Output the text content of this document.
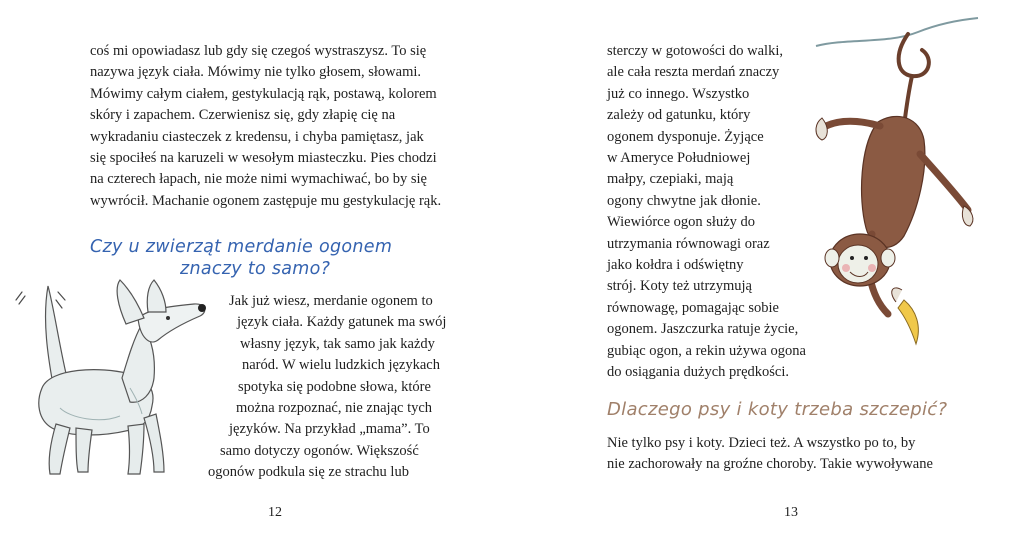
coś mi opowiadasz lub gdy się czegoś wystraszysz. To się
nazywa język ciała. Mówimy nie tylko głosem, słowami.
Mówimy całym ciałem, gestykulacją rąk, postawą, kolorem
skóry i zapachem. Czerwienisz się, gdy złapię cię na
wykradaniu ciasteczek z kredensu, i chyba pamiętasz, jak
się spociłeś na karuzeli w wesołym miasteczku. Pies chodzi
na czterech łapach, nie może nimi wymachiwać, bo by się
wywrócił. Machanie ogonem zastępuje mu gestykulację rąk.

Czy u zwierząt merdanie ogonem
znaczy to samo?

Jak już wiesz, merdanie ogonem to
język ciała. Każdy gatunek ma swój
własny język, tak samo jak każdy
naród. W wielu ludzkich językach
spotyka się podobne słowa, które
można rozpoznać, nie znając tych
języków. Na przykład „mama”. To
samo dotyczy ogonów. Większość
ogonów podkula się ze strachu lub

12

sterczy w gotowości do walki,
ale cała reszta merdań znaczy
już co innego. Wszystko
zależy od gatunku, który
ogonem dysponuje. Żyjące
w Ameryce Południowej
małpy, czepiaki, mają
ogony chwytne jak dłonie.
Wiewiórce ogon służy do
utrzymania równowagi oraz
jako kołdra i odświętny
strój. Koty też utrzymują
równowagę, pomagając sobie
ogonem. Jaszczurka ratuje życie,
gubiąc ogon, a rekin używa ogona
do osiągania dużych prędkości.

Dlaczego psy i koty trzeba szczepić?

Nie tylko psy i koty. Dzieci też. A wszystko po to, by
nie zachorowały na groźne choroby. Takie wywoływane

13
